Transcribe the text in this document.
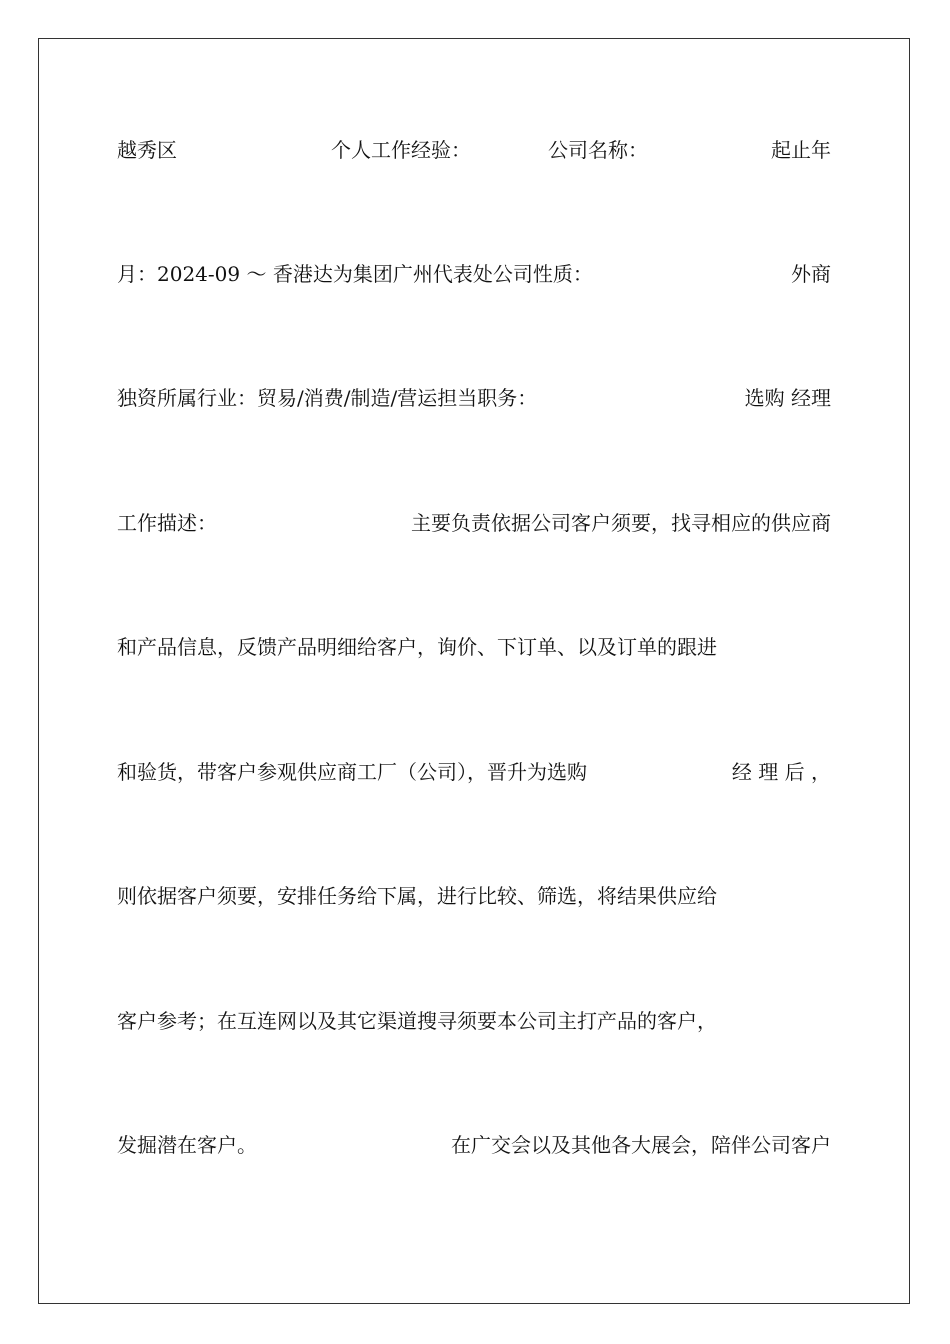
越秀区	个人工作经验：	公司名称：	起止年
月：2024-09 ～ 香港达为集团广州代表处公司性质：	外商
独资所属行业：贸易/消费/制造/营运担当职务：	选购 经理
工作描述：	主要负责依据公司客户须要，找寻相应的供应商
和产品信息，反馈产品明细给客户，询价、下订单、以及订单的跟进
和验货，带客户参观供应商工厂（公司），晋升为选购	经 理 后 ，
则依据客户须要，安排任务给下属，进行比较、筛选，将结果供应给
客户参考；在互连网以及其它渠道搜寻须要本公司主打产品的客户，
发掘潜在客户。	在广交会以及其他各大展会，陪伴公司客户
